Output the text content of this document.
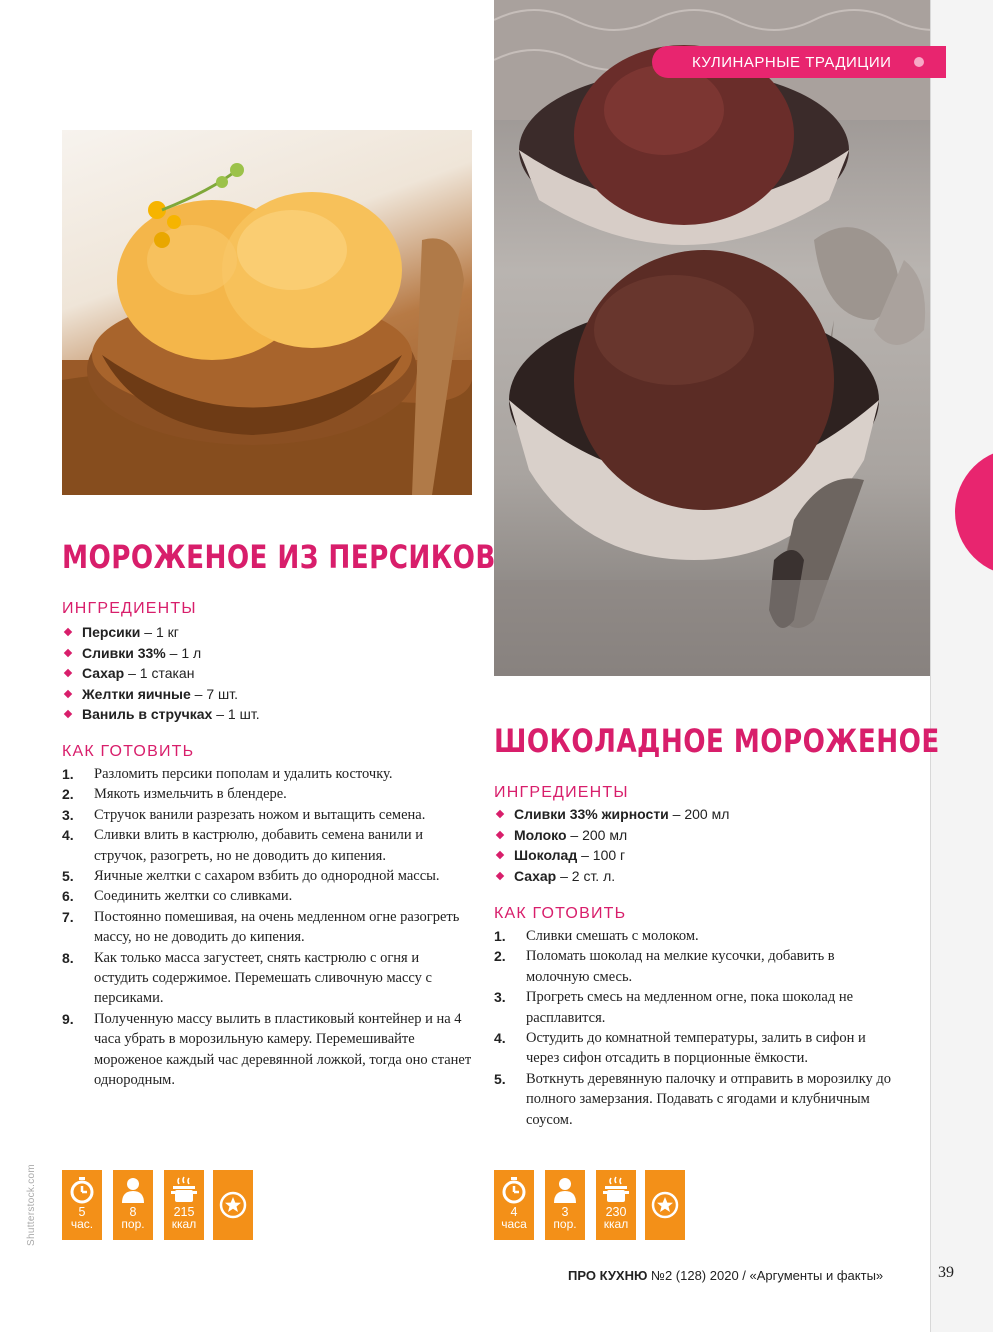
КУЛИНАРНЫЕ ТРАДИЦИИ
МОРОЖЕНОЕ ИЗ ПЕРСИКОВ
ИНГРЕДИЕНТЫ
Персики – 1 кг
Сливки 33% – 1 л
Сахар – 1 стакан
Желтки яичные – 7 шт.
Ваниль в стручках – 1 шт.
КАК ГОТОВИТЬ
1. Разломить персики пополам и удалить косточку.
2. Мякоть измельчить в блендере.
3. Стручок ванили разрезать ножом и вытащить семена.
4. Сливки влить в кастрюлю, добавить семена ванили и стручок, разогреть, но не доводить до кипения.
5. Яичные желтки с сахаром взбить до однородной массы.
6. Соединить желтки со сливками.
7. Постоянно помешивая, на очень медленном огне разогреть массу, но не доводить до кипения.
8. Как только масса загустеет, снять кастрюлю с огня и остудить содержимое. Перемешать сливочную массу с персиками.
9. Полученную массу вылить в пластиковый контейнер и на 4 часа убрать в морозильную камеру. Перемешивайте мороженое каждый час деревянной ложкой, тогда оно станет однородным.
5
час.
8
пор.
215
ккал
ШОКОЛАДНОЕ МОРОЖЕНОЕ
ИНГРЕДИЕНТЫ
Сливки 33% жирности – 200 мл
Молоко – 200 мл
Шоколад – 100 г
Сахар – 2 ст. л.
КАК ГОТОВИТЬ
1. Сливки смешать с молоком.
2. Поломать шоколад на мелкие кусочки, добавить в молочную смесь.
3. Прогреть смесь на медленном огне, пока шоколад не расплавится.
4. Остудить до комнатной температуры, залить в сифон и через сифон отсадить в порционные ёмкости.
5. Воткнуть деревянную палочку и отправить в морозилку до полного замерзания. Подавать с ягодами и клубничным соусом.
4
часа
3
пор.
230
ккал
Shutterstock.com
ПРО КУХНЮ №2 (128) 2020 / «Аргументы и факты»	39
